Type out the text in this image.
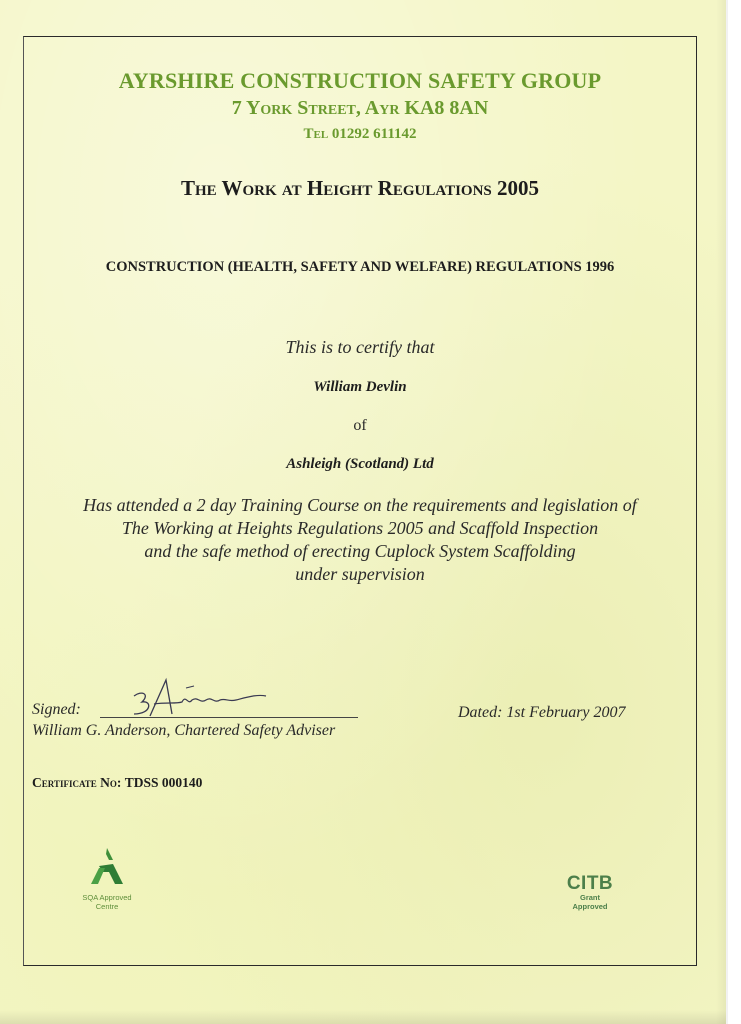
AYRSHIRE CONSTRUCTION SAFETY GROUP
7 York Street, Ayr KA8 8AN
Tel 01292 611142
The Work at Height Regulations 2005
CONSTRUCTION (HEALTH, SAFETY AND WELFARE) REGULATIONS 1996
This is to certify that
William Devlin
of
Ashleigh (Scotland) Ltd
Has attended a 2 day Training Course on the requirements and legislation of
The Working at Heights Regulations 2005 and Scaffold Inspection
and the safe method of erecting Cuplock System Scaffolding
under supervision
Signed:
William G. Anderson, Chartered Safety Adviser
Dated: 1st February 2007
Certificate No: TDSS 000140
SQA Approved
Centre
CITB
Grant
Approved
